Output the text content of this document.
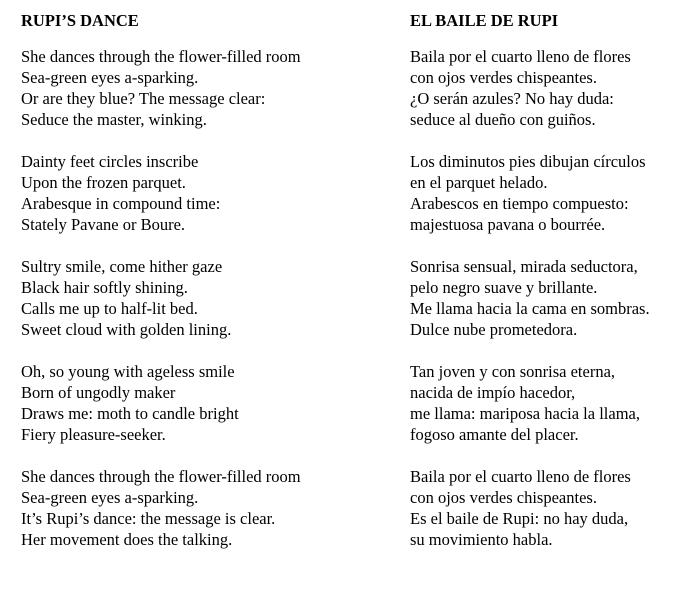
RUPI’S DANCE
She dances through the flower-filled room
Sea-green eyes a-sparking.
Or are they blue? The message clear:
Seduce the master, winking.
Dainty feet circles inscribe
Upon the frozen parquet.
Arabesque in compound time:
Stately Pavane or Boure.
Sultry smile, come hither gaze
Black hair softly shining.
Calls me up to half-lit bed.
Sweet cloud with golden lining.
Oh, so young with ageless smile
Born of ungodly maker
Draws me: moth to candle bright
Fiery pleasure-seeker.
She dances through the flower-filled room
Sea-green eyes a-sparking.
It’s Rupi’s dance: the message is clear.
Her movement does the talking.
EL BAILE DE RUPI
Baila por el cuarto lleno de flores
con ojos verdes chispeantes.
¿O serán azules? No hay duda:
seduce al dueño con guiños.
Los diminutos pies dibujan círculos
en el parquet helado.
Arabescos en tiempo compuesto:
majestuosa pavana o bourrée.
Sonrisa sensual, mirada seductora,
pelo negro suave y brillante.
Me llama hacia la cama en sombras.
Dulce nube prometedora.
Tan joven y con sonrisa eterna,
nacida de impío hacedor,
me llama: mariposa hacia la llama,
fogoso amante del placer.
Baila por el cuarto lleno de flores
con ojos verdes chispeantes.
Es el baile de Rupi: no hay duda,
su movimiento habla.
